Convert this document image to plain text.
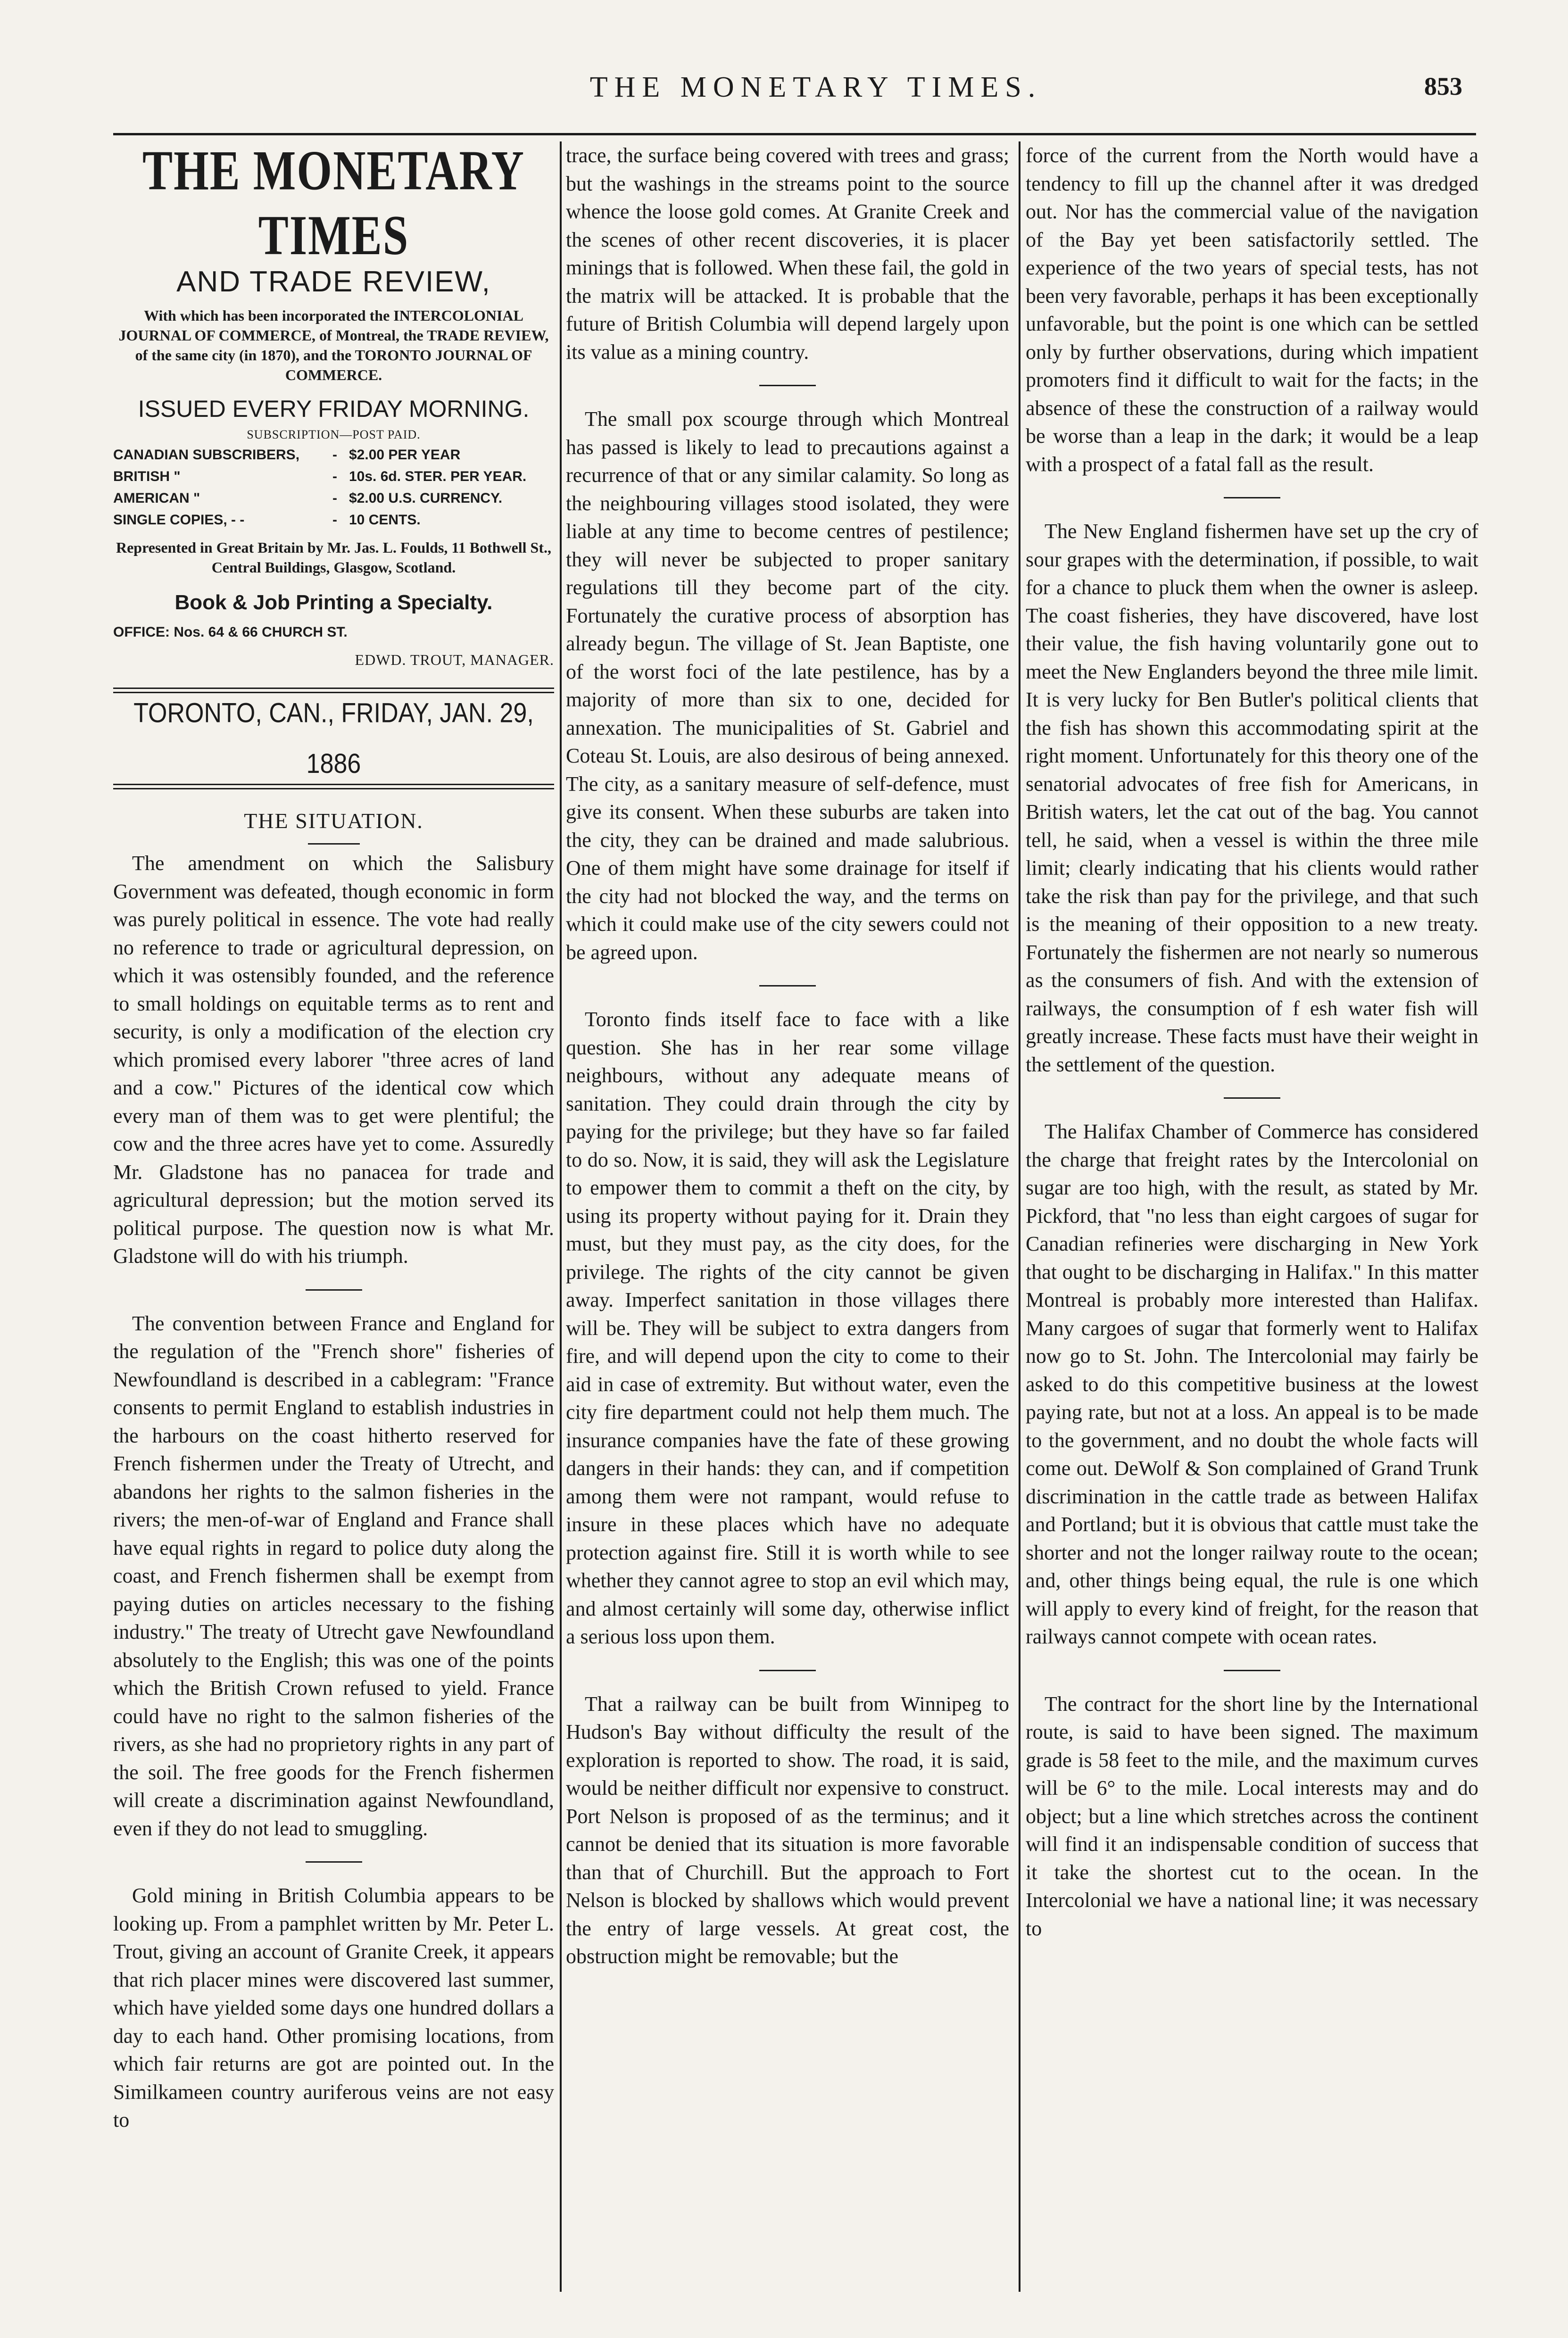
THE MONETARY TIMES.	853
THE MONETARY TIMES
AND TRADE REVIEW,
With which has been incorporated the INTERCOLONIAL JOURNAL OF COMMERCE, of Montreal, the TRADE REVIEW, of the same city (in 1870), and the TORONTO JOURNAL OF COMMERCE.
ISSUED EVERY FRIDAY MORNING.
SUBSCRIPTION—POST PAID.
CANADIAN SUBSCRIBERS,	- $2.00 PER YEAR
BRITISH "	- 10s. 6d. STER. PER YEAR.
AMERICAN "	- $2.00 U.S. CURRENCY.
SINGLE COPIES, - -	- 10 CENTS.
Represented in Great Britain by Mr. Jas. L. Foulds, 11 Bothwell St., Central Buildings, Glasgow, Scotland.
Book & Job Printing a Specialty.
OFFICE: Nos. 64 & 66 CHURCH ST.
EDWD. TROUT, MANAGER.
TORONTO, CAN., FRIDAY, JAN. 29, 1886
THE SITUATION.

The amendment on which the Salisbury Government was defeated, though economic in form was purely political in essence. The vote had really no reference to trade or agricultural depression, on which it was ostensibly founded, and the reference to small holdings on equitable terms as to rent and security, is only a modification of the election cry which promised every laborer "three acres of land and a cow." Pictures of the identical cow which every man of them was to get were plentiful; the cow and the three acres have yet to come. Assuredly Mr. Gladstone has no panacea for trade and agricultural depression; but the motion served its political purpose. The question now is what Mr. Gladstone will do with his triumph.

The convention between France and England for the regulation of the "French shore" fisheries of Newfoundland is described in a cablegram: "France consents to permit England to establish industries in the harbours on the coast hitherto reserved for French fishermen under the Treaty of Utrecht, and abandons her rights to the salmon fisheries in the rivers; the men-of-war of England and France shall have equal rights in regard to police duty along the coast, and French fishermen shall be exempt from paying duties on articles necessary to the fishing industry." The treaty of Utrecht gave Newfoundland absolutely to the English; this was one of the points which the British Crown refused to yield. France could have no right to the salmon fisheries of the rivers, as she had no proprietory rights in any part of the soil. The free goods for the French fishermen will create a discrimination against Newfoundland, even if they do not lead to smuggling.

Gold mining in British Columbia appears to be looking up. From a pamphlet written by Mr. Peter L. Trout, giving an account of Granite Creek, it appears that rich placer mines were discovered last summer, which have yielded some days one hundred dollars a day to each hand. Other promising locations, from which fair returns are got are pointed out. In the Similkameen country auriferous veins are not easy to

trace, the surface being covered with trees and grass; but the washings in the streams point to the source whence the loose gold comes. At Granite Creek and the scenes of other recent discoveries, it is placer minings that is followed. When these fail, the gold in the matrix will be attacked. It is probable that the future of British Columbia will depend largely upon its value as a mining country.

The small pox scourge through which Montreal has passed is likely to lead to precautions against a recurrence of that or any similar calamity. So long as the neighbouring villages stood isolated, they were liable at any time to become centres of pestilence; they will never be subjected to proper sanitary regulations till they become part of the city. Fortunately the curative process of absorption has already begun. The village of St. Jean Baptiste, one of the worst foci of the late pestilence, has by a majority of more than six to one, decided for annexation. The municipalities of St. Gabriel and Coteau St. Louis, are also desirous of being annexed. The city, as a sanitary measure of self-defence, must give its consent. When these suburbs are taken into the city, they can be drained and made salubrious. One of them might have some drainage for itself if the city had not blocked the way, and the terms on which it could make use of the city sewers could not be agreed upon.

Toronto finds itself face to face with a like question. She has in her rear some village neighbours, without any adequate means of sanitation. They could drain through the city by paying for the privilege; but they have so far failed to do so. Now, it is said, they will ask the Legislature to empower them to commit a theft on the city, by using its property without paying for it. Drain they must, but they must pay, as the city does, for the privilege. The rights of the city cannot be given away. Imperfect sanitation in those villages there will be. They will be subject to extra dangers from fire, and will depend upon the city to come to their aid in case of extremity. But without water, even the city fire department could not help them much. The insurance companies have the fate of these growing dangers in their hands: they can, and if competition among them were not rampant, would refuse to insure in these places which have no adequate protection against fire. Still it is worth while to see whether they cannot agree to stop an evil which may, and almost certainly will some day, otherwise inflict a serious loss upon them.

That a railway can be built from Winnipeg to Hudson's Bay without difficulty the result of the exploration is reported to show. The road, it is said, would be neither difficult nor expensive to construct. Port Nelson is proposed of as the terminus; and it cannot be denied that its situation is more favorable than that of Churchill. But the approach to Fort Nelson is blocked by shallows which would prevent the entry of large vessels. At great cost, the obstruction might be removable; but the

force of the current from the North would have a tendency to fill up the channel after it was dredged out. Nor has the commercial value of the navigation of the Bay yet been satisfactorily settled. The experience of the two years of special tests, has not been very favorable, perhaps it has been exceptionally unfavorable, but the point is one which can be settled only by further observations, during which impatient promoters find it difficult to wait for the facts; in the absence of these the construction of a railway would be worse than a leap in the dark; it would be a leap with a prospect of a fatal fall as the result.

The New England fishermen have set up the cry of sour grapes with the determination, if possible, to wait for a chance to pluck them when the owner is asleep. The coast fisheries, they have discovered, have lost their value, the fish having voluntarily gone out to meet the New Englanders beyond the three mile limit. It is very lucky for Ben Butler's political clients that the fish has shown this accommodating spirit at the right moment. Unfortunately for this theory one of the senatorial advocates of free fish for Americans, in British waters, let the cat out of the bag. You cannot tell, he said, when a vessel is within the three mile limit; clearly indicating that his clients would rather take the risk than pay for the privilege, and that such is the meaning of their opposition to a new treaty. Fortunately the fishermen are not nearly so numerous as the consumers of fish. And with the extension of railways, the consumption of f esh water fish will greatly increase. These facts must have their weight in the settlement of the question.

The Halifax Chamber of Commerce has considered the charge that freight rates by the Intercolonial on sugar are too high, with the result, as stated by Mr. Pickford, that "no less than eight cargoes of sugar for Canadian refineries were discharging in New York that ought to be discharging in Halifax." In this matter Montreal is probably more interested than Halifax. Many cargoes of sugar that formerly went to Halifax now go to St. John. The Intercolonial may fairly be asked to do this competitive business at the lowest paying rate, but not at a loss. An appeal is to be made to the government, and no doubt the whole facts will come out. DeWolf & Son complained of Grand Trunk discrimination in the cattle trade as between Halifax and Portland; but it is obvious that cattle must take the shorter and not the longer railway route to the ocean; and, other things being equal, the rule is one which will apply to every kind of freight, for the reason that railways cannot compete with ocean rates.

The contract for the short line by the International route, is said to have been signed. The maximum grade is 58 feet to the mile, and the maximum curves will be 6° to the mile. Local interests may and do object; but a line which stretches across the continent will find it an indispensable condition of success that it take the shortest cut to the ocean. In the Intercolonial we have a national line; it was necessary to
